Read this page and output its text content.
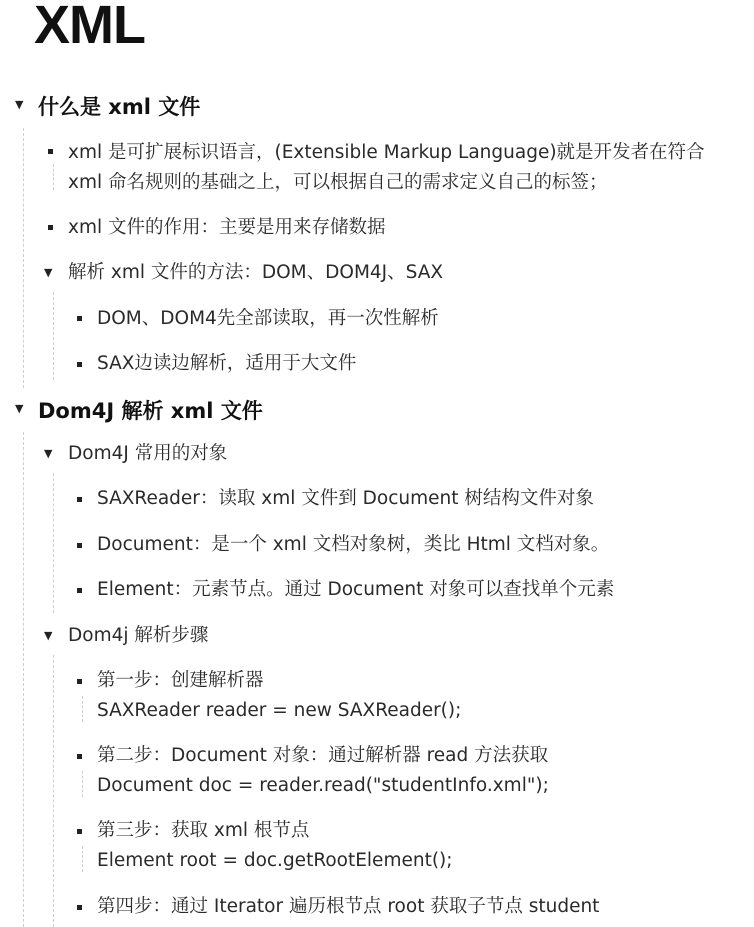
XML
▼ 什么是 xml 文件
xml 是可扩展标识语言，(Extensible Markup Language)就是开发者在符合
xml 命名规则的基础之上，可以根据自己的需求定义自己的标签；
xml 文件的作用：主要是用来存储数据
▼ 解析 xml 文件的方法：DOM、DOM4J、SAX
DOM、DOM4先全部读取，再一次性解析
SAX边读边解析，适用于大文件
▼ Dom4J 解析 xml 文件
▼ Dom4J 常用的对象
SAXReader：读取 xml 文件到 Document 树结构文件对象
Document：是一个 xml 文档对象树，类比 Html 文档对象。
Element：元素节点。通过 Document 对象可以查找单个元素
▼ Dom4j 解析步骤
第一步：创建解析器
SAXReader reader = new SAXReader();
第二步：Document 对象：通过解析器 read 方法获取
Document doc = reader.read("studentInfo.xml");
第三步：获取 xml 根节点
Element root = doc.getRootElement();
第四步：通过 Iterator 遍历根节点 root 获取子节点 student
